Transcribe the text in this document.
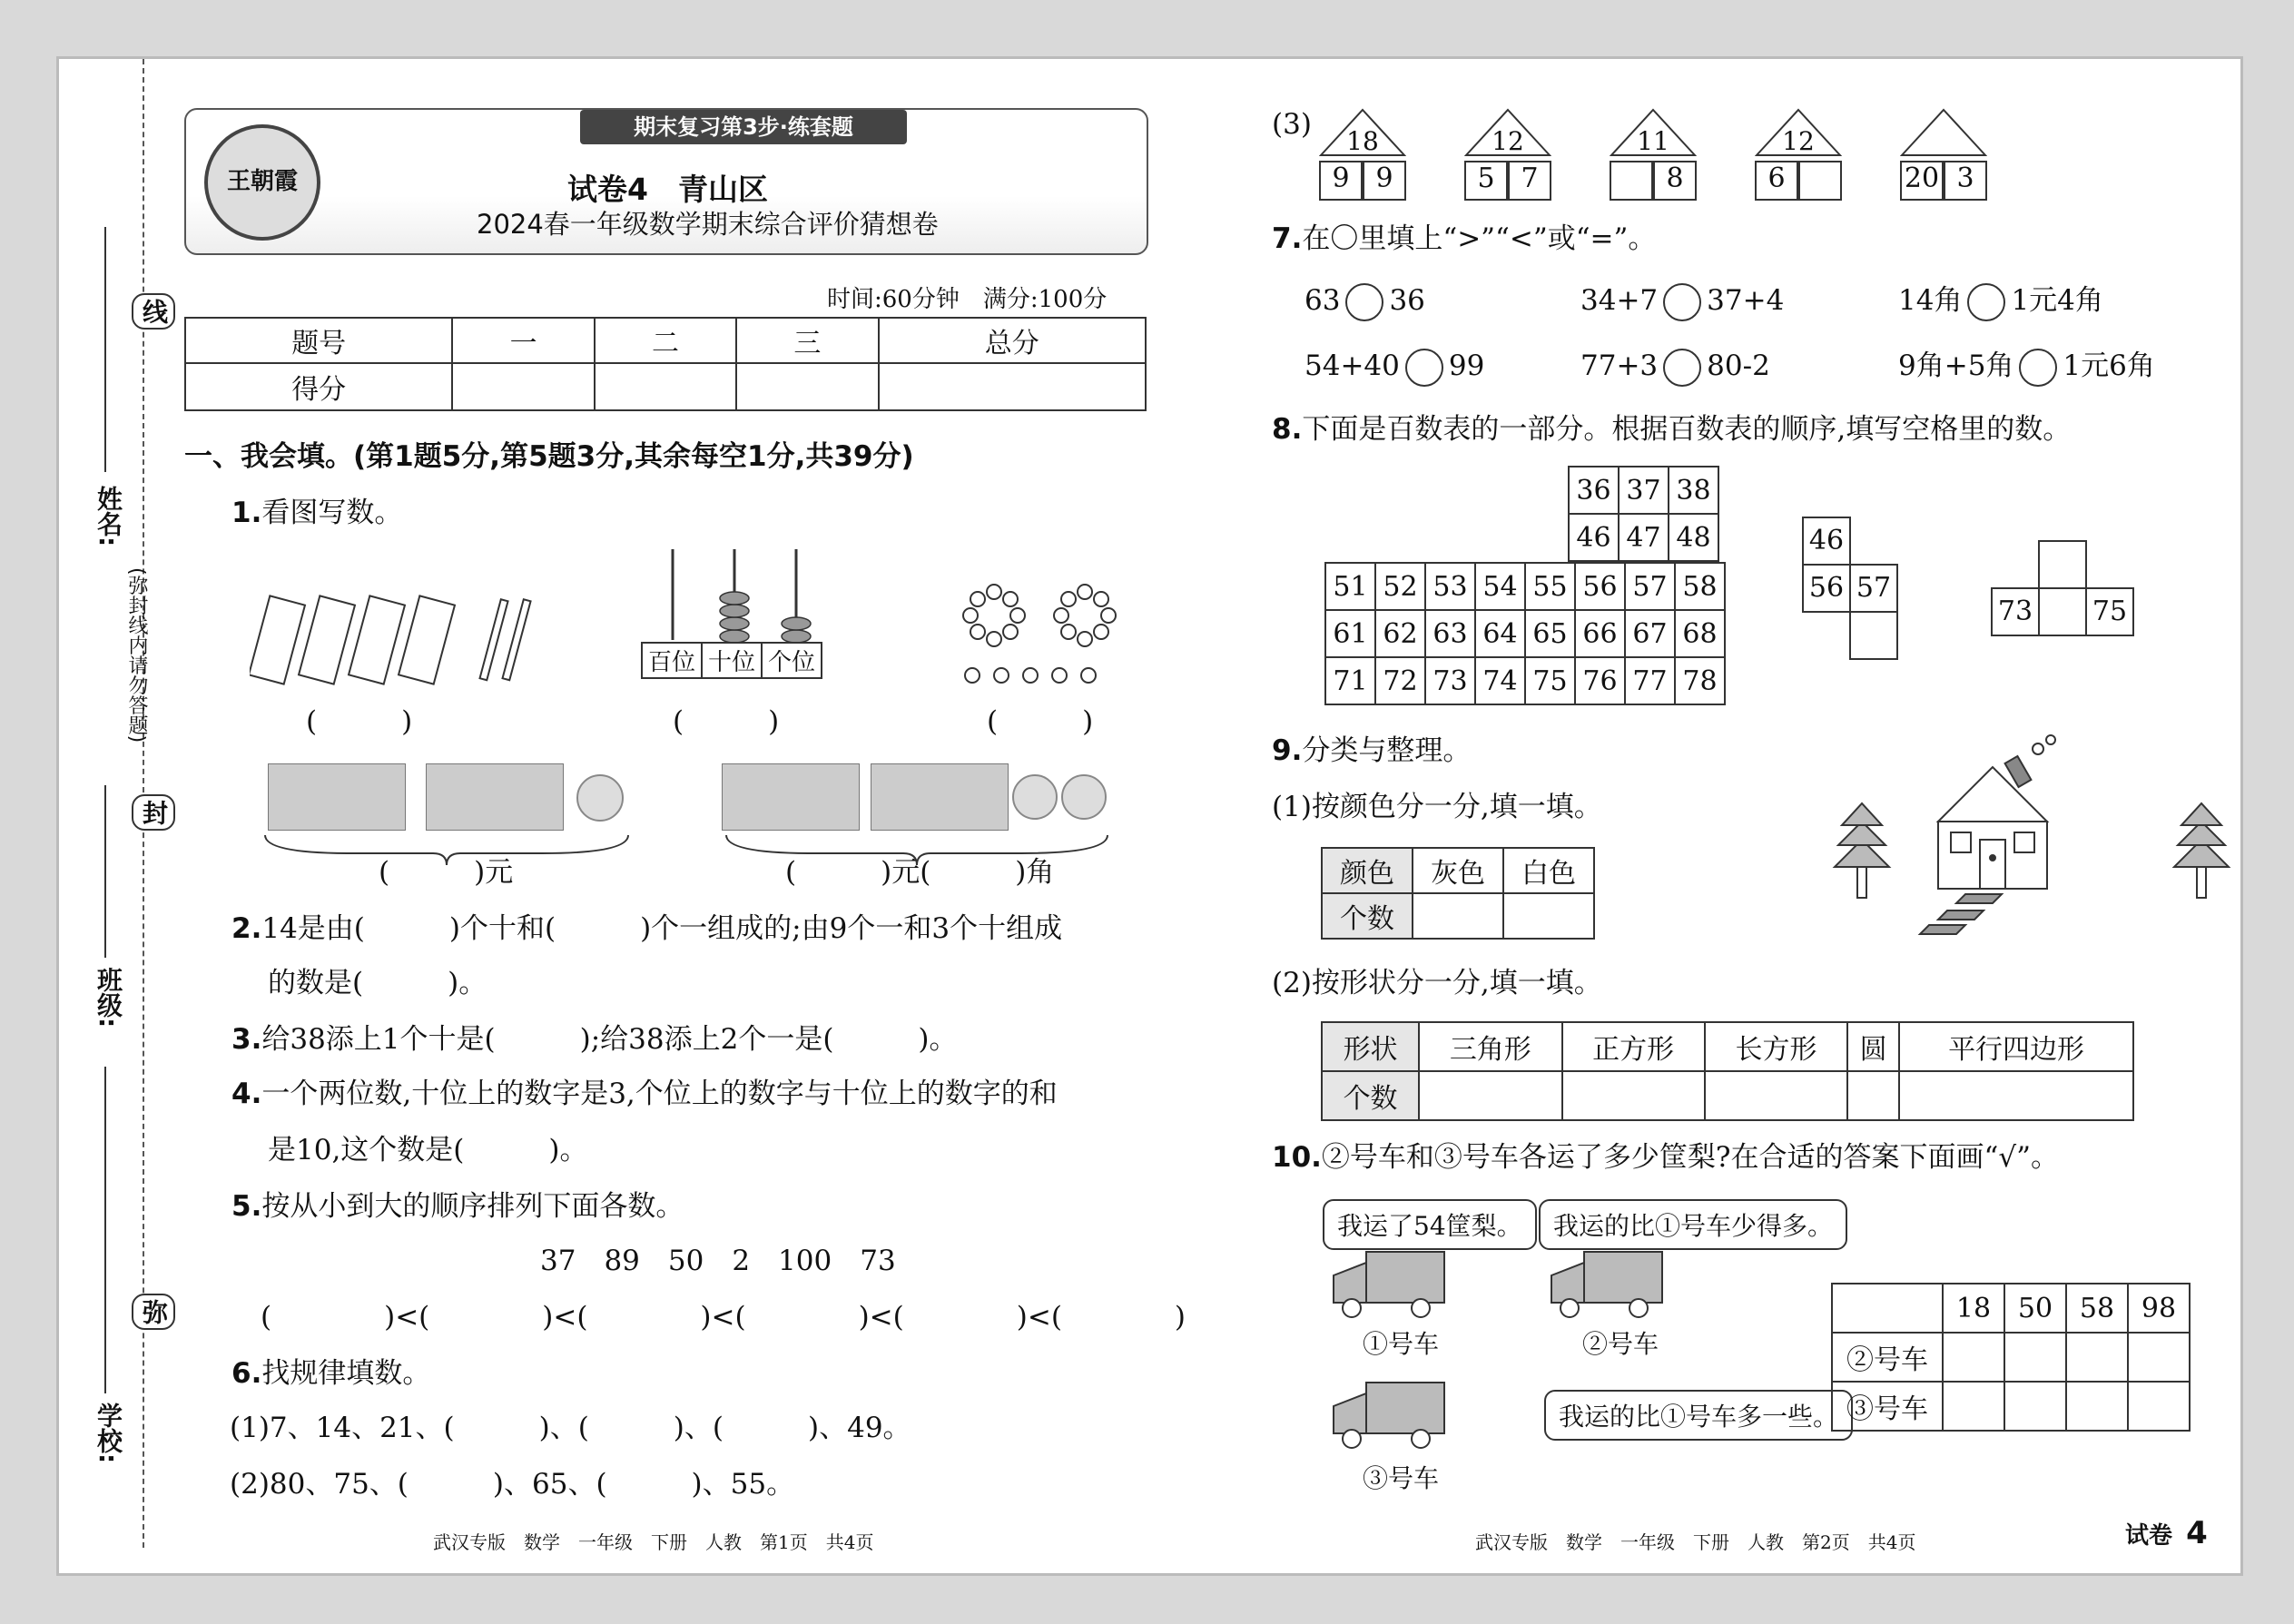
线
姓名:
(弥封线内请勿答题)
封
班级:
弥
学校:
王朝霞
期末复习第3步·练套题
试卷4　青山区
2024春一年级数学期末综合评价猜想卷
时间:60分钟　满分:100分
题号	一	二	三	总分
得分				
一、我会填。(第1题5分,第5题3分,其余每空1分,共39分)
1.看图写数。
(　　　)
百位 十位 个位
(　　　)	(　　　)
(　　　)元	(　　　)元(　　　)角
2.14是由(　　　)个十和(　　　)个一组成的;由9个一和3个十组成
的数是(　　　)。
3.给38添上1个十是(　　　);给38添上2个一是(　　　)。
4.一个两位数,十位上的数字是3,个位上的数字与十位上的数字的和
是10,这个数是(　　　)。
5.按从小到大的顺序排列下面各数。
37　89　50　2　100　73
(　　　　)<(　　　　)<(　　　　)<(　　　　)<(　　　　)<(　　　　)
6.找规律填数。
(1)7、14、21、(　　　)、(　　　)、(　　　)、49。
(2)80、75、(　　　)、65、(　　　)、55。
武汉专版　数学　一年级　下册　人教　第1页　共4页
(3)
18
9 9
12
5 7
11
8
12
6	20 3
7.在〇里填上“>”“<”或“=”。
63 36	34+7 37+4	14角 1元4角
54+40 99	77+3 80-2	9角+5角 1元6角
8.下面是百数表的一部分。根据百数表的顺序,填写空格里的数。
36	37	38
46	47	48
51	52	53	54	55	56	57	58
61	62	63	64	65	66	67	68
71	72	73	74	75	76	77	78
46
56 57
73 75
9.分类与整理。
(1)按颜色分一分,填一填。
颜色	灰色	白色
个数		
(2)按形状分一分,填一填。
形状	三角形	正方形	长方形	圆	平行四边形
个数					
10.②号车和③号车各运了多少筐梨?在合适的答案下面画“√”。
我运了54筐梨。	我运的比①号车少得多。
①号车	②号车
我运的比①号车多一些。
③号车
	18	50	58	98
②号车				
③号车				
武汉专版　数学　一年级　下册　人教　第2页　共4页	试卷 4
